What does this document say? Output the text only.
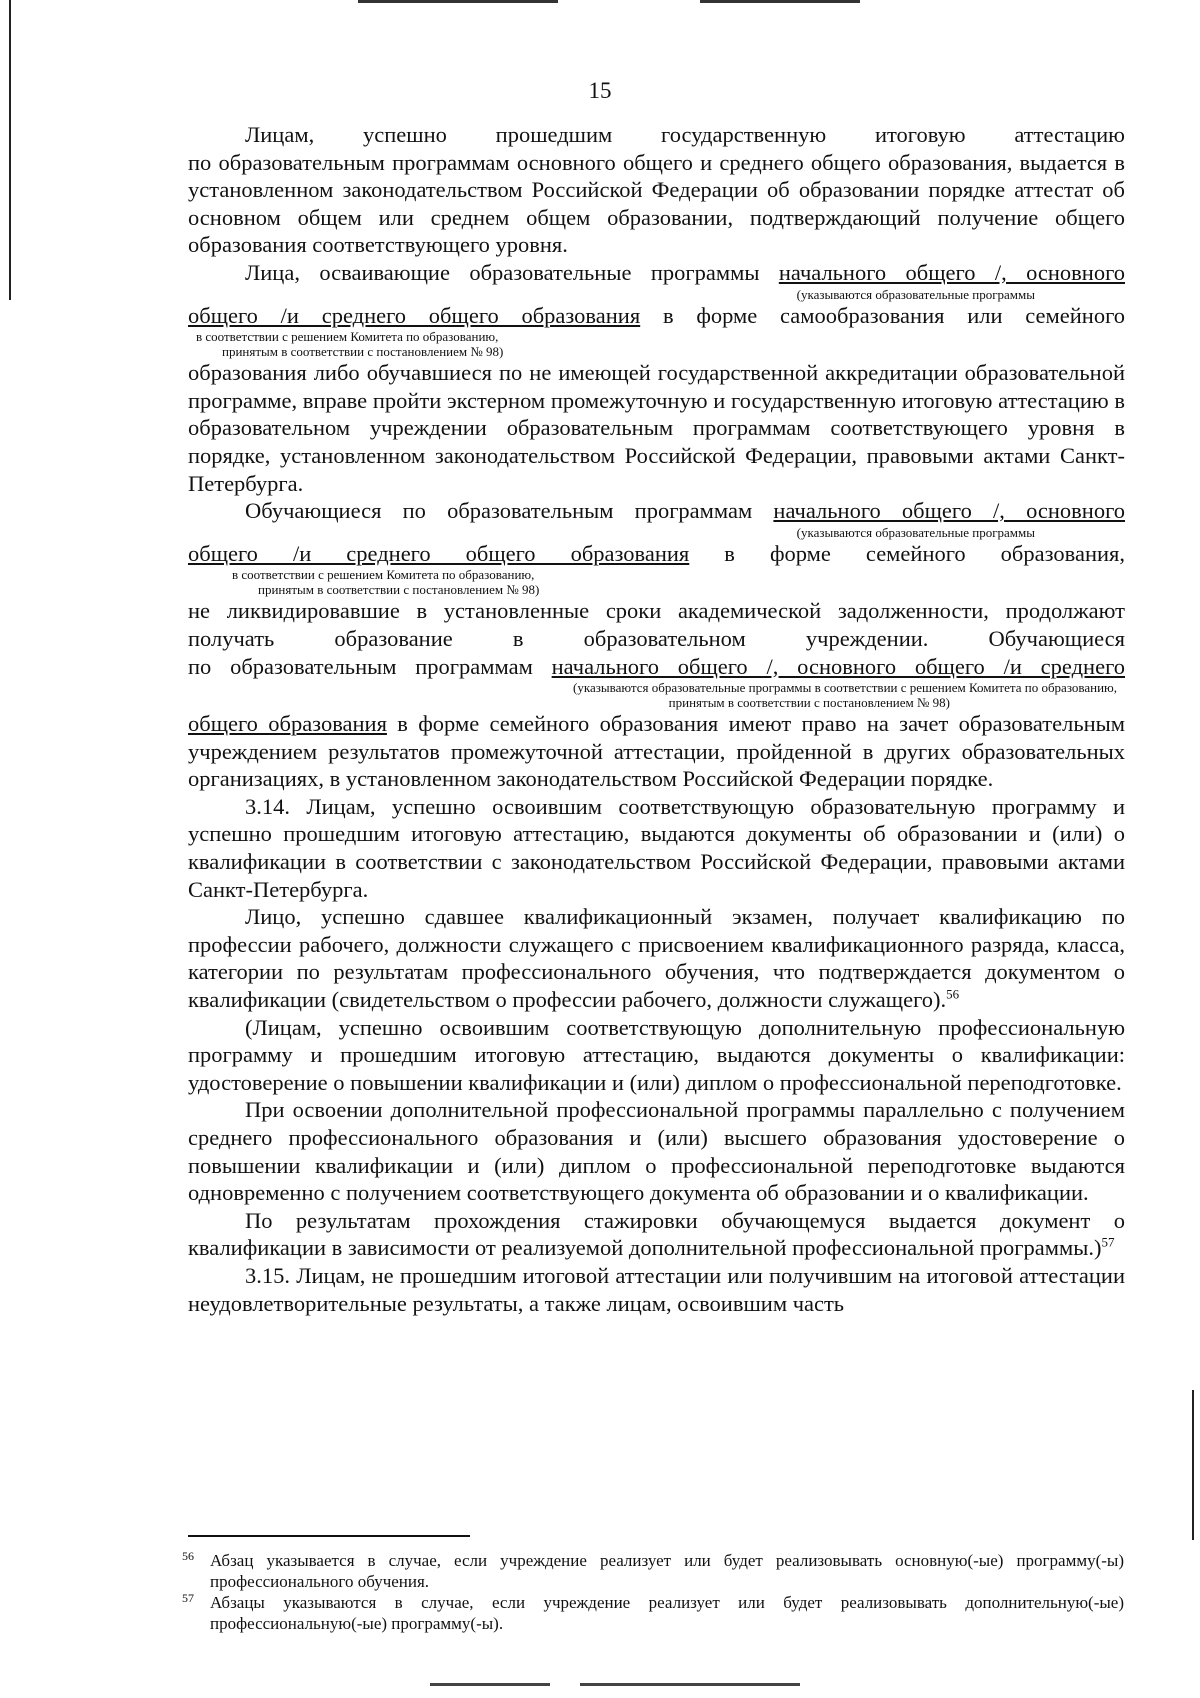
15

Лицам, успешно прошедшим государственную итоговую аттестацию
по образовательным программам основного общего и среднего общего образования, выдается в установленном законодательством Российской Федерации об образовании порядке аттестат об основном общем или среднем общем образовании, подтверждающий получение общего образования соответствующего уровня.

Лица, осваивающие образовательные программы начального общего /, основного
(указываются образовательные программы
общего /и среднего общего образования в форме самообразования или семейного
в соответствии с решением Комитета по образованию,
принятым в соответствии с постановлением № 98)

образования либо обучавшиеся по не имеющей государственной аккредитации образовательной программе, вправе пройти экстерном промежуточную и государственную итоговую аттестацию в образовательном учреждении образовательным программам соответствующего уровня в порядке, установленном законодательством Российской Федерации, правовыми актами Санкт-Петербурга.

Обучающиеся по образовательным программам начального общего /, основного
(указываются образовательные программы
общего /и среднего общего образования в форме семейного образования,
в соответствии с решением Комитета по образованию,
принятым в соответствии с постановлением № 98)
не ликвидировавшие в установленные сроки академической задолженности, продолжают
получать образование в образовательном учреждении. Обучающиеся
по образовательным программам начального общего /, основного общего /и среднего
(указываются образовательные программы в соответствии с решением Комитета по образованию,
принятым в соответствии с постановлением № 98)

общего образования в форме семейного образования имеют право на зачет образовательным учреждением результатов промежуточной аттестации, пройденной в других образовательных организациях, в установленном законодательством Российской Федерации порядке.

3.14. Лицам, успешно освоившим соответствующую образовательную программу и успешно прошедшим итоговую аттестацию, выдаются документы об образовании и (или) о квалификации в соответствии с законодательством Российской Федерации, правовыми актами Санкт-Петербурга.

Лицо, успешно сдавшее квалификационный экзамен, получает квалификацию по профессии рабочего, должности служащего с присвоением квалификационного разряда, класса, категории по результатам профессионального обучения, что подтверждается документом о квалификации (свидетельством о профессии рабочего, должности служащего).$^{56}$

(Лицам, успешно освоившим соответствующую дополнительную профессиональную программу и прошедшим итоговую аттестацию, выдаются документы о квалификации: удостоверение о повышении квалификации и (или) диплом о профессиональной переподготовке.

При освоении дополнительной профессиональной программы параллельно с получением среднего профессионального образования и (или) высшего образования удостоверение о повышении квалификации и (или) диплом о профессиональной переподготовке выдаются одновременно с получением соответствующего документа об образовании и о квалификации.

По результатам прохождения стажировки обучающемуся выдается документ о квалификации в зависимости от реализуемой дополнительной профессиональной программы.)$^{57}$

3.15. Лицам, не прошедшим итоговой аттестации или получившим на итоговой аттестации неудовлетворительные результаты, а также лицам, освоившим часть

56 Абзац указывается в случае, если учреждение реализует или будет реализовывать основную(-ые) программу(-ы) профессионального обучения.
57 Абзацы указываются в случае, если учреждение реализует или будет реализовывать дополнительную(-ые) профессиональную(-ые) программу(-ы).
